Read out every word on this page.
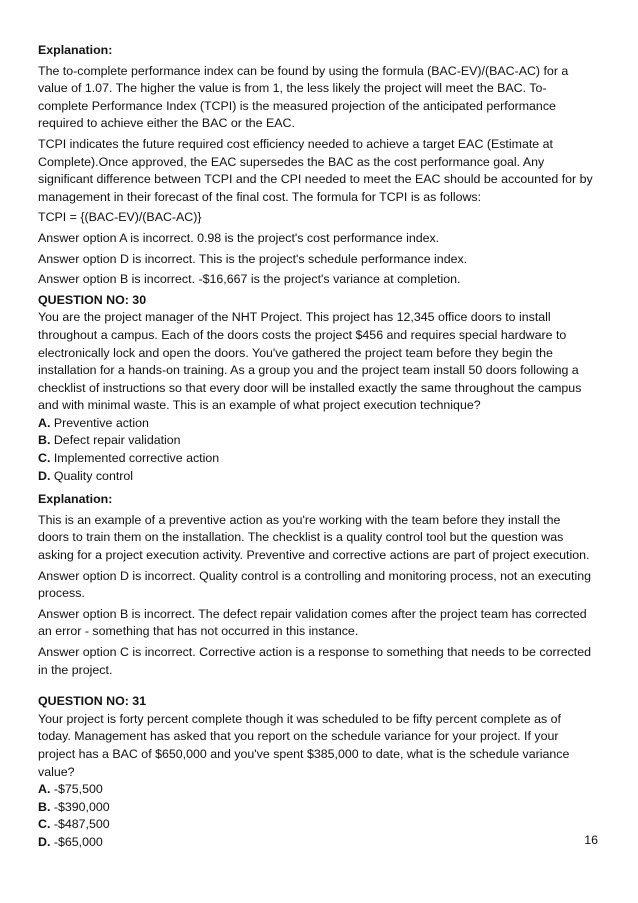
Explanation:

The to-complete performance index can be found by using the formula (BAC-EV)/(BAC-AC) for a value of 1.07. The higher the value is from 1, the less likely the project will meet the BAC. To-complete Performance Index (TCPI) is the measured projection of the anticipated performance required to achieve either the BAC or the EAC.

TCPI indicates the future required cost efficiency needed to achieve a target EAC (Estimate at Complete).Once approved, the EAC supersedes the BAC as the cost performance goal. Any significant difference between TCPI and the CPI needed to meet the EAC should be accounted for by management in their forecast of the final cost. The formula for TCPI is as follows:

TCPI = {(BAC-EV)/(BAC-AC)}

Answer option A is incorrect. 0.98 is the project's cost performance index.

Answer option D is incorrect. This is the project's schedule performance index.

Answer option B is incorrect. -$16,667 is the project's variance at completion.

QUESTION NO: 30

You are the project manager of the NHT Project. This project has 12,345 office doors to install throughout a campus. Each of the doors costs the project $456 and requires special hardware to electronically lock and open the doors. You've gathered the project team before they begin the installation for a hands-on training. As a group you and the project team install 50 doors following a checklist of instructions so that every door will be installed exactly the same throughout the campus and with minimal waste. This is an example of what project execution technique?

A. Preventive action

B. Defect repair validation

C. Implemented corrective action

D. Quality control

Explanation:

This is an example of a preventive action as you're working with the team before they install the doors to train them on the installation. The checklist is a quality control tool but the question was asking for a project execution activity. Preventive and corrective actions are part of project execution.

Answer option D is incorrect. Quality control is a controlling and monitoring process, not an executing process.

Answer option B is incorrect. The defect repair validation comes after the project team has corrected an error - something that has not occurred in this instance.

Answer option C is incorrect. Corrective action is a response to something that needs to be corrected in the project.

QUESTION NO: 31

Your project is forty percent complete though it was scheduled to be fifty percent complete as of today. Management has asked that you report on the schedule variance for your project. If your project has a BAC of $650,000 and you've spent $385,000 to date, what is the schedule variance value?

A. -$75,500

B. -$390,000

C. -$487,500

D. -$65,000	16
